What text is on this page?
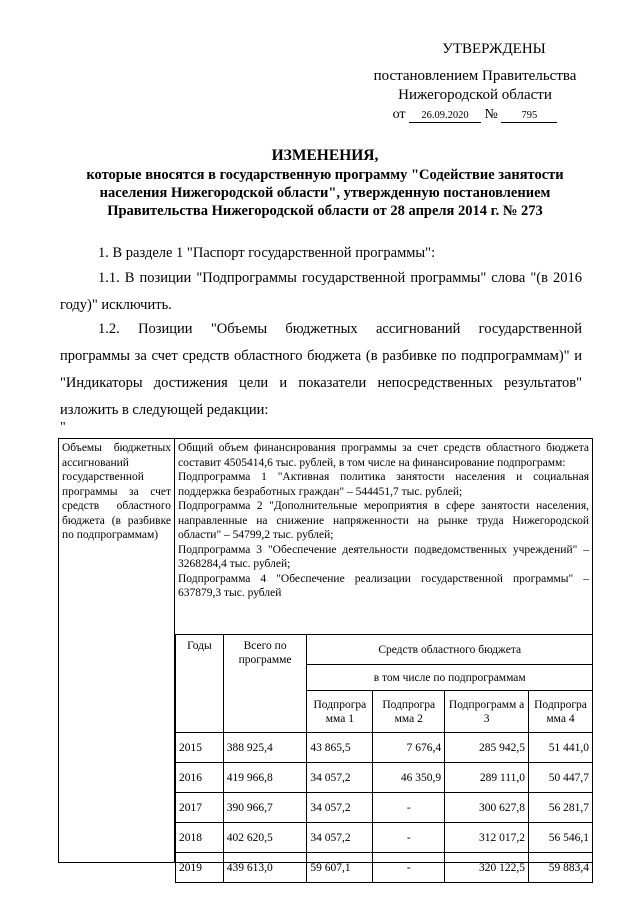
УТВЕРЖДЕНЫ
постановлением Правительства
Нижегородской области
от 26.09.2020 № 795
ИЗМЕНЕНИЯ,
которые вносятся в государственную программу "Содействие занятости населения Нижегородской области", утвержденную постановлением Правительства Нижегородской области от 28 апреля 2014 г. № 273
1. В разделе 1 "Паспорт государственной программы":
1.1. В позиции "Подпрограммы государственной программы" слова "(в 2016 году)" исключить.
1.2. Позиции "Объемы бюджетных ассигнований государственной программы за счет средств областного бюджета (в разбивке по подпрограммам)" и "Индикаторы достижения цели и показатели непосредственных результатов" изложить в следующей редакции:
"
Объемы бюджетных ассигнований государственной программы за счет средств областного бюджета (в разбивке по подпрограммам)

Общий объем финансирования программы за счет средств областного бюджета составит 4505414,6 тыс. рублей, в том числе на финансирование подпрограмм:

Подпрограмма 1 "Активная политика занятости населения и социальная поддержка безработных граждан" – 544451,7 тыс. рублей;

Подпрограмма 2 "Дополнительные мероприятия в сфере занятости населения, направленные на снижение напряженности на рынке труда Нижегородской области" – 54799,2 тыс. рублей;

Подпрограмма 3 "Обеспечение деятельности подведомственных учреждений" – 3268284,4 тыс. рублей;

Подпрограмма 4 "Обеспечение реализации государственной программы" – 637879,3 тыс. рублей

Годы	Всего по программе	Средств областного бюджета			
		в том числе по подпрограммам			
		Подпрогра мма 1	Подпрогра мма 2	Подпрограмм а 3	Подпрогра мма 4
2015	388 925,4	43 865,5	7 676,4	285 942,5	51 441,0
2016	419 966,8	34 057,2	46 350,9	289 111,0	50 447,7
2017	390 966,7	34 057,2	-	300 627,8	56 281,7
2018	402 620,5	34 057,2	-	312 017,2	56 546,1
2019	439 613,0	59 607,1	-	320 122,5	59 883,4
